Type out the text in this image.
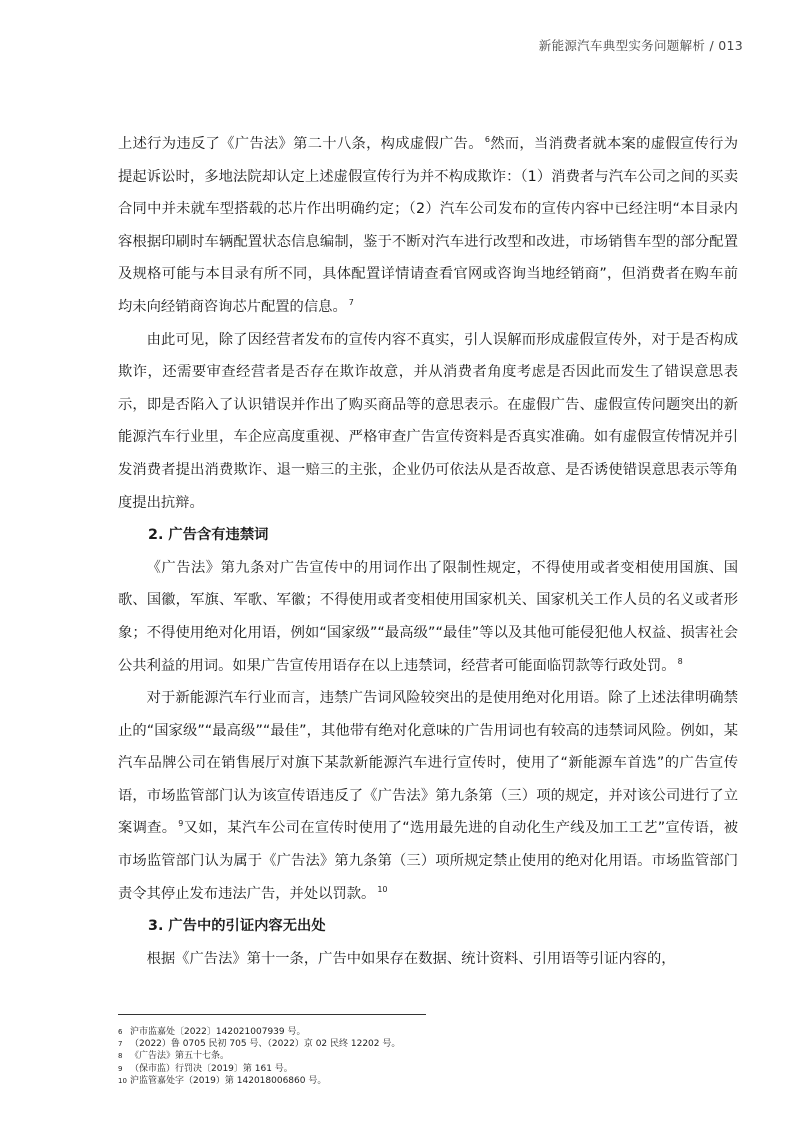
新能源汽车典型实务问题解析 / 013

上述行为违反了《广告法》第二十八条，构成虚假广告。 $^6$然而，当消费者就本案的虚假宣传行为提起诉讼时，多地法院却认定上述虚假宣传行为并不构成欺诈：（1）消费者与汽车公司之间的买卖合同中并未就车型搭载的芯片作出明确约定；（2）汽车公司发布的宣传内容中已经注明“本目录内容根据印刷时车辆配置状态信息编制，鉴于不断对汽车进行改型和改进，市场销售车型的部分配置及规格可能与本目录有所不同，具体配置详情请查看官网或咨询当地经销商”，但消费者在购车前均未向经销商咨询芯片配置的信息。 $^7$

由此可见，除了因经营者发布的宣传内容不真实，引人误解而形成虚假宣传外，对于是否构成欺诈，还需要审查经营者是否存在欺诈故意，并从消费者角度考虑是否因此而发生了错误意思表示，即是否陷入了认识错误并作出了购买商品等的意思表示。在虚假广告、虚假宣传问题突出的新能源汽车行业里，车企应高度重视、严格审查广告宣传资料是否真实准确。如有虚假宣传情况并引发消费者提出消费欺诈、退一赔三的主张，企业仍可依法从是否故意、是否诱使错误意思表示等角度提出抗辩。

2. 广告含有违禁词

《广告法》第九条对广告宣传中的用词作出了限制性规定，不得使用或者变相使用国旗、国歌、国徽，军旗、军歌、军徽；不得使用或者变相使用国家机关、国家机关工作人员的名义或者形象；不得使用绝对化用语，例如“国家级”“最高级”“最佳”等以及其他可能侵犯他人权益、损害社会公共利益的用词。如果广告宣传用语存在以上违禁词，经营者可能面临罚款等行政处罚。 $^8$

对于新能源汽车行业而言，违禁广告词风险较突出的是使用绝对化用语。除了上述法律明确禁止的“国家级”“最高级”“最佳”，其他带有绝对化意味的广告用词也有较高的违禁词风险。例如，某汽车品牌公司在销售展厅对旗下某款新能源汽车进行宣传时，使用了“新能源车首选”的广告宣传语，市场监管部门认为该宣传语违反了《广告法》第九条第（三）项的规定，并对该公司进行了立案调查。 $^9$又如，某汽车公司在宣传时使用了“选用最先进的自动化生产线及加工工艺”宣传语，被市场监管部门认为属于《广告法》第九条第（三）项所规定禁止使用的绝对化用语。市场监管部门责令其停止发布违法广告，并处以罚款。 $^{10}$

3. 广告中的引证内容无出处

根据《广告法》第十一条，广告中如果存在数据、统计资料、引用语等引证内容的，

6 沪市监嘉处〔2022〕142021007939 号。
7 （2022）鲁 0705 民初 705 号、（2022）京 02 民终 12202 号。
8 《广告法》第五十七条。
9 （保市监）行罚决〔2019〕第 161 号。
10 沪监管嘉处字（2019）第 142018006860 号。
